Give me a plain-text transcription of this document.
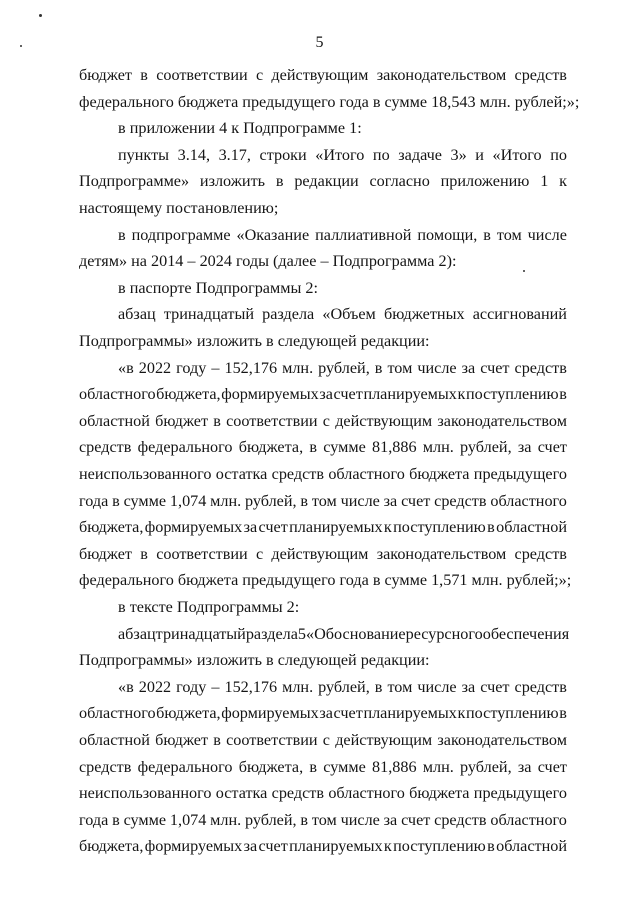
5
бюджет в соответствии с действующим законодательством средств
федерального бюджета предыдущего года в сумме 18,543 млн. рублей;»;
в приложении 4 к Подпрограмме 1:
пункты 3.14, 3.17, строки «Итого по задаче 3» и «Итого по
Подпрограмме» изложить в редакции согласно приложению 1 к
настоящему постановлению;
в подпрограмме «Оказание паллиативной помощи, в том числе
детям» на 2014 – 2024 годы (далее – Подпрограмма 2):
в паспорте Подпрограммы 2:
абзац тринадцатый раздела «Объем бюджетных ассигнований
Подпрограммы» изложить в следующей редакции:
«в 2022 году – 152,176 млн. рублей, в том числе за счет средств
областного бюджета, формируемых за счет планируемых к поступлению в
областной бюджет в соответствии с действующим законодательством
средств федерального бюджета, в сумме 81,886 млн. рублей, за счет
неиспользованного остатка средств областного бюджета предыдущего
года в сумме 1,074 млн. рублей, в том числе за счет средств областного
бюджета, формируемых за счет планируемых к поступлению в областной
бюджет в соответствии с действующим законодательством средств
федерального бюджета предыдущего года в сумме 1,571 млн. рублей;»;
в тексте Подпрограммы 2:
абзац тринадцатый раздела 5 «Обоснование ресурсного обеспечения
Подпрограммы» изложить в следующей редакции:
«в 2022 году – 152,176 млн. рублей, в том числе за счет средств
областного бюджета, формируемых за счет планируемых к поступлению в
областной бюджет в соответствии с действующим законодательством
средств федерального бюджета, в сумме 81,886 млн. рублей, за счет
неиспользованного остатка средств областного бюджета предыдущего
года в сумме 1,074 млн. рублей, в том числе за счет средств областного
бюджета, формируемых за счет планируемых к поступлению в областной
